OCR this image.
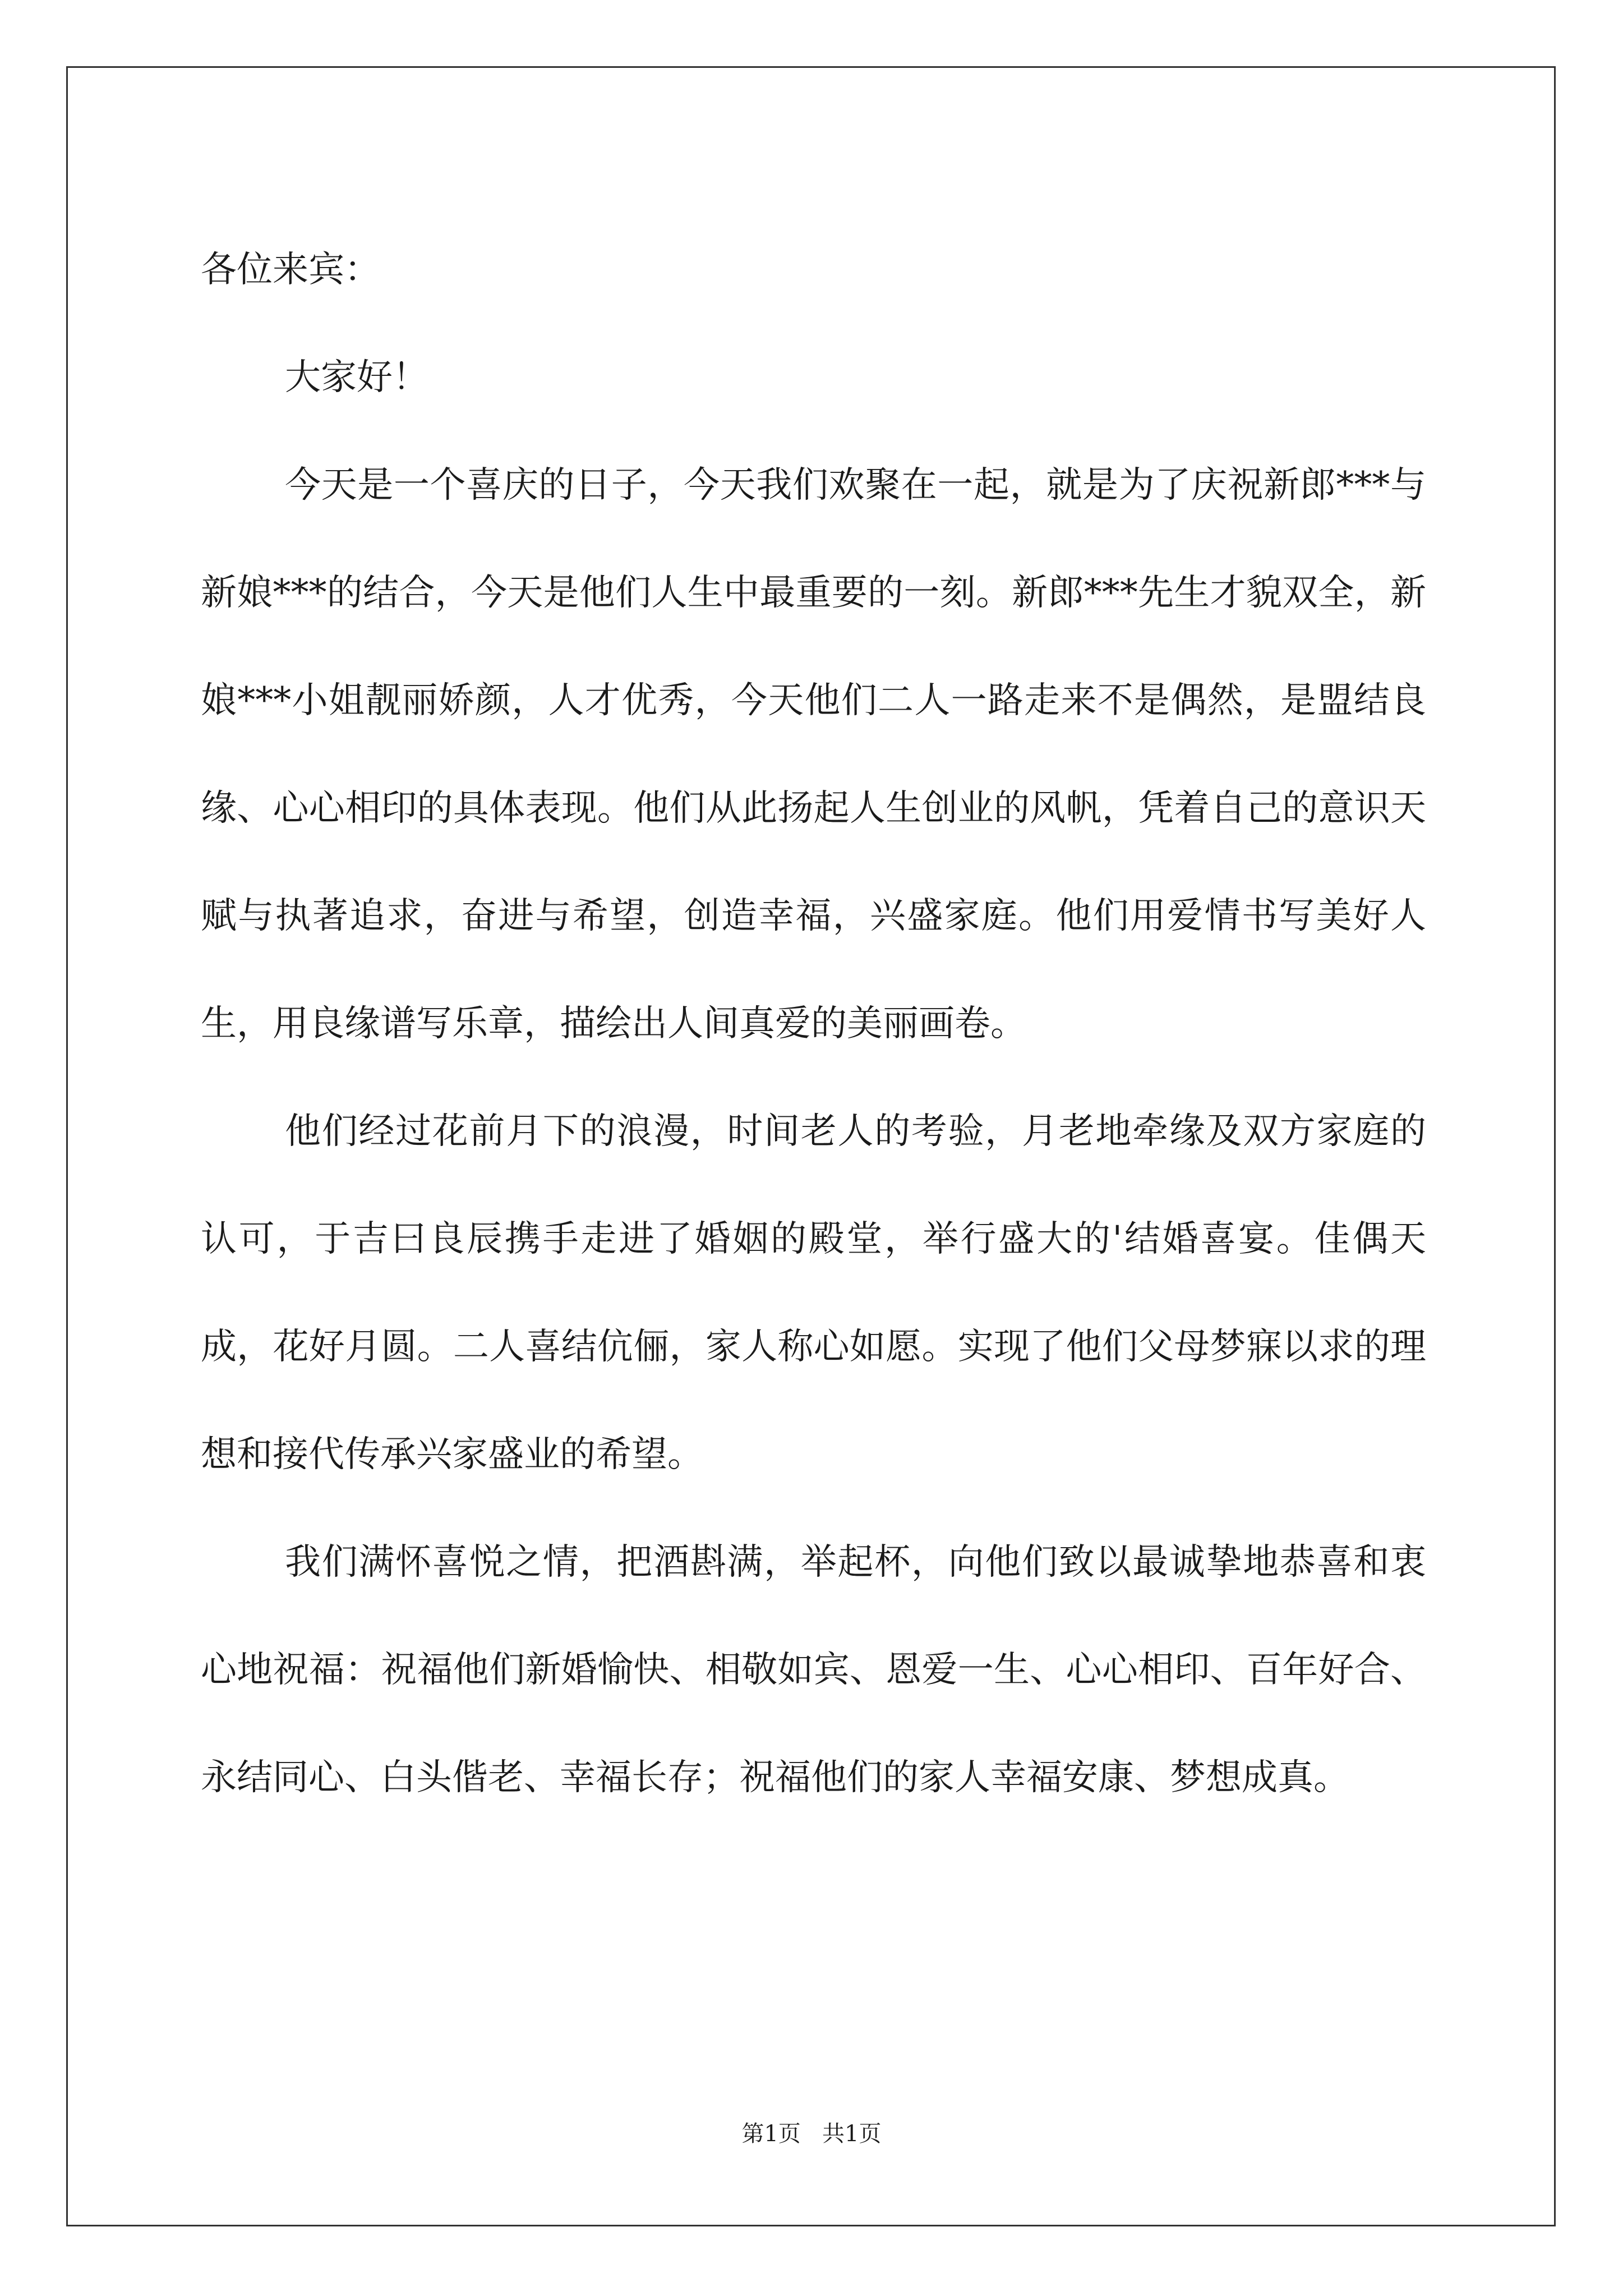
各位来宾：

大家好！

今天是一个喜庆的日子，今天我们欢聚在一起，就是为了庆祝新郎***与新娘***的结合，今天是他们人生中最重要的一刻。新郎***先生才貌双全，新娘***小姐靓丽娇颜，人才优秀，今天他们二人一路走来不是偶然，是盟结良缘、心心相印的具体表现。他们从此扬起人生创业的风帆，凭着自己的意识天赋与执著追求，奋进与希望，创造幸福，兴盛家庭。他们用爱情书写美好人生，用良缘谱写乐章，描绘出人间真爱的美丽画卷。

他们经过花前月下的浪漫，时间老人的考验，月老地牵缘及双方家庭的认可，于吉曰良辰携手走进了婚姻的殿堂，举行盛大的'结婚喜宴。佳偶天成，花好月圆。二人喜结伉俪，家人称心如愿。实现了他们父母梦寐以求的理想和接代传承兴家盛业的希望。

我们满怀喜悦之情，把酒斟满，举起杯，向他们致以最诚挚地恭喜和衷心地祝福：祝福他们新婚愉快、相敬如宾、恩爱一生、心心相印、百年好合、永结同心、白头偕老、幸福长存；祝福他们的家人幸福安康、梦想成真。

第1页   共1页
